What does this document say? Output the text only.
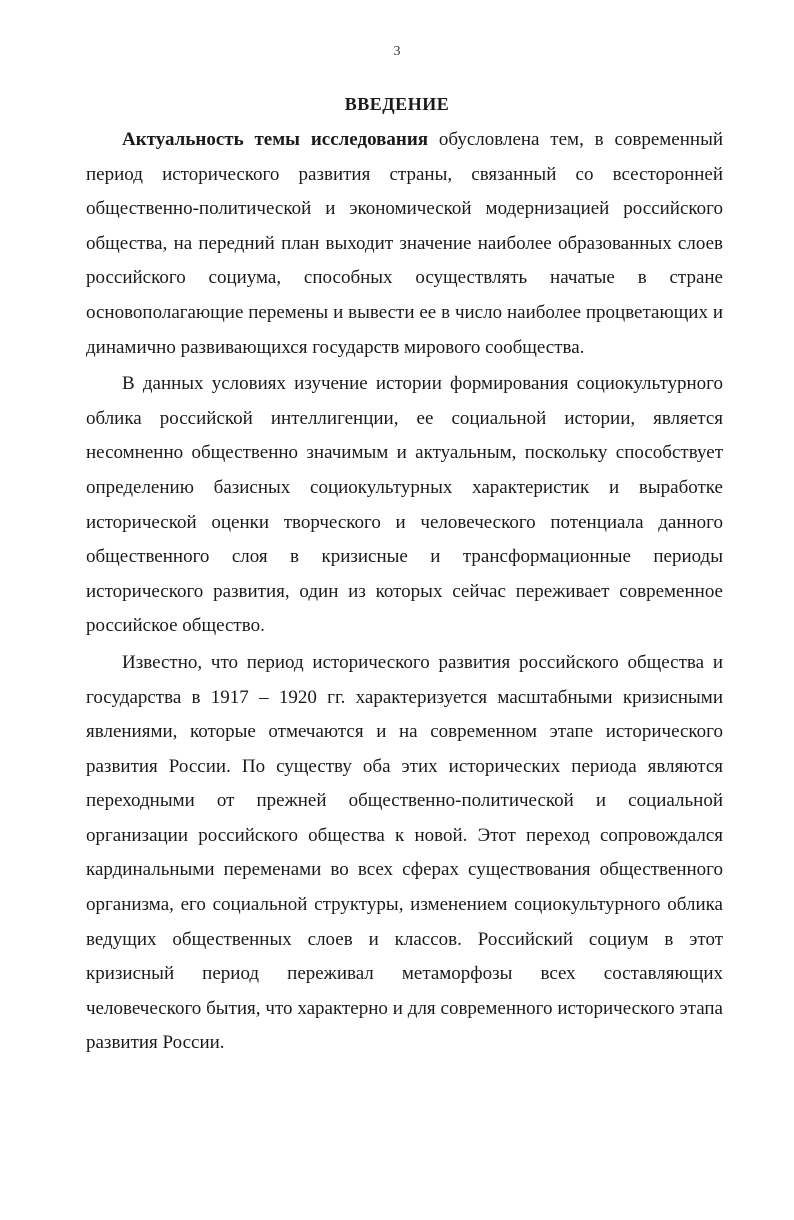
3
ВВЕДЕНИЕ

Актуальность темы исследования обусловлена тем, в современный период исторического развития страны, связанный со всесторонней общественно-политической и экономической модернизацией российского общества, на передний план выходит значение наиболее образованных слоев российского социума, способных осуществлять начатые в стране основополагающие перемены и вывести ее в число наиболее процветающих и динамично развивающихся государств мирового сообщества.

В данных условиях изучение истории формирования социокультурного облика российской интеллигенции, ее социальной истории, является несомненно общественно значимым и актуальным, поскольку способствует определению базисных социокультурных характеристик и выработке исторической оценки творческого и человеческого потенциала данного общественного слоя в кризисные и трансформационные периоды исторического развития, один из которых сейчас переживает современное российское общество.

Известно, что период исторического развития российского общества и государства в 1917 – 1920 гг. характеризуется масштабными кризисными явлениями, которые отмечаются и на современном этапе исторического развития России. По существу оба этих исторических периода являются переходными от прежней общественно-политической и социальной организации российского общества к новой. Этот переход сопровождался кардинальными переменами во всех сферах существования общественного организма, его социальной структуры, изменением социокультурного облика ведущих общественных слоев и классов. Российский социум в этот кризисный период переживал метаморфозы всех составляющих человеческого бытия, что характерно и для современного исторического этапа развития России.
